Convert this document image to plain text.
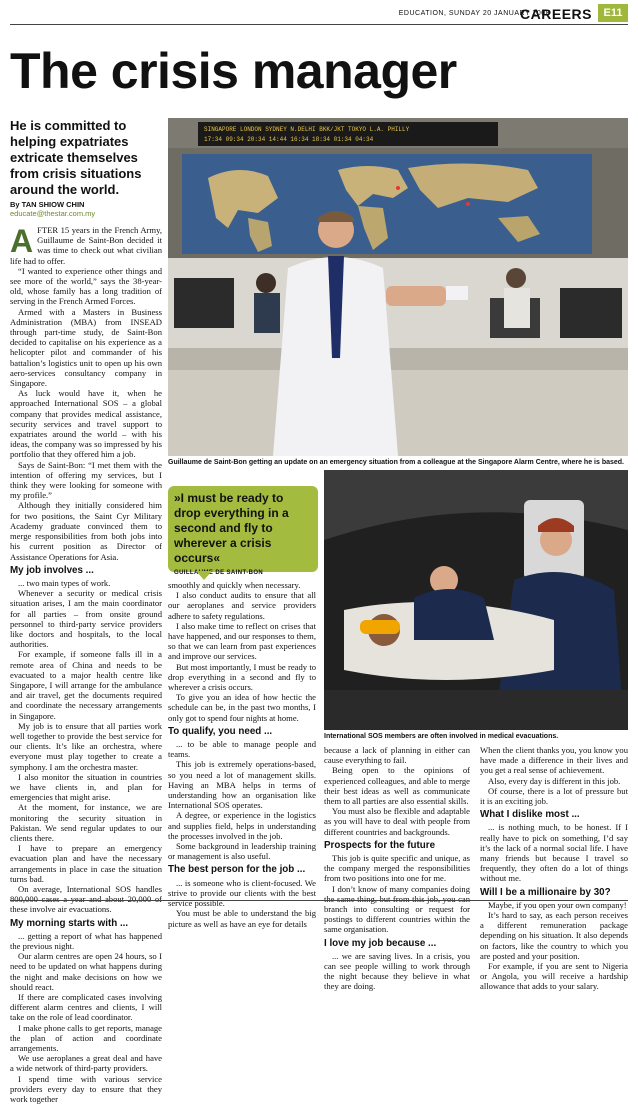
EDUCATION, SUNDAY 20 JANUARY 2008
CAREERS	E11
The crisis manager
He is committed to helping expatriates extricate themselves from crisis situations around the world.
By TAN SHIOW CHIN
educate@thestar.com.my
SINGAPORE LONDON SYDNEY N.DELHI BKK/JKT TOKYO L.A. PHILLY
17:34 09:34 20:34 14:44 16:34 18:34 01:34 04:34
Guillaume de Saint-Bon getting an update on an emergency situation from a colleague at the Singapore Alarm Centre, where he is based.
»I must be ready to drop everything in a second and fly to wherever a crisis occurs«
GUILLAUME DE SAINT-BON
International SOS members are often involved in medical evacuations.

AFTER 15 years in the French Army, Guillaume de Saint-Bon decided it was time to check out what civilian life had to offer.

“I wanted to experience other things and see more of the world,” says the 38-year-old, whose family has a long tradition of serving in the French Armed Forces.

Armed with a Masters in Business Administration (MBA) from INSEAD through part-time study, de Saint-Bon decided to capitalise on his experience as a helicopter pilot and commander of his battalion’s logistics unit to open up his own aero-services consultancy company in Singapore.

As luck would have it, when he approached International SOS – a global company that provides medical assistance, security services and travel support to expatriates around the world – with his ideas, the company was so impressed by his portfolio that they offered him a job.

Says de Saint-Bon: “I met them with the intention of offering my services, but I think they were looking for someone with my profile.”

Although they initially considered him for two positions, the Saint Cyr Military Academy graduate convinced them to merge responsibilities from both jobs into his current position as Director of Assistance Operations for Asia.

My job involves ...

... two main types of work.

Whenever a security or medical crisis situation arises, I am the main coordinator for all parties – from onsite ground personnel to third-party service providers like doctors and hospitals, to the local authorities.

For example, if someone falls ill in a remote area of China and needs to be evacuated to a major health centre like Singapore, I will arrange for the ambulance and air travel, get the documents required and coordinate the necessary arrangements in Singapore.

My job is to ensure that all parties work well together to provide the best service for our clients. It’s like an orchestra, where everyone must play together to create a symphony. I am the orchestra master.

I also monitor the situation in countries we have clients in, and plan for emergencies that might arise.

At the moment, for instance, we are monitoring the security situation in Pakistan. We send regular updates to our clients there.

I have to prepare an emergency evacuation plan and have the necessary arrangements in place in case the situation turns bad.

On average, International SOS handles 800,000 cases a year and about 20,000 of these involve air evacuations.

My morning starts with ...

... getting a report of what has happened the previous night.

Our alarm centres are open 24 hours, so I need to be updated on what happens during the night and make decisions on how we should react.

If there are complicated cases involving different alarm centres and clients, I will take on the role of lead coordinator.

I make phone calls to get reports, manage the plan of action and coordinate arrangements.

We use aeroplanes a great deal and have a wide network of third-party providers.

I spend time with various service providers every day to ensure that they work together

smoothly and quickly when necessary.

I also conduct audits to ensure that all our aeroplanes and service providers adhere to safety regulations.

I also make time to reflect on crises that have happened, and our responses to them, so that we can learn from past experiences and improve our services.

But most importantly, I must be ready to drop everything in a second and fly to wherever a crisis occurs.

To give you an idea of how hectic the schedule can be, in the past two months, I only got to spend four nights at home.

To qualify, you need ...

... to be able to manage people and teams.

This job is extremely operations-based, so you need a lot of management skills. Having an MBA helps in terms of understanding how an organisation like International SOS operates.

A degree, or experience in the logistics and supplies field, helps in understanding the processes involved in the job.

Some background in leadership training or management is also useful.

The best person for the job ...

... is someone who is client-focused. We strive to provide our clients with the best service possible.

You must be able to understand the big picture as well as have an eye for details

because a lack of planning in either can cause everything to fail.

Being open to the opinions of experienced colleagues, and able to merge their best ideas as well as communicate them to all parties are also essential skills.

You must also be flexible and adaptable as you will have to deal with people from different countries and backgrounds.

Prospects for the future

This job is quite specific and unique, as the company merged the responsibilities from two positions into one for me.

I don’t know of many companies doing the same thing, but from this job, you can branch into consulting or request for postings to different countries within the same organisation.

I love my job because ...

... we are saving lives. In a crisis, you can see people willing to work through the night because they believe in what they are doing.

When the client thanks you, you know you have made a difference in their lives and you get a real sense of achievement.

Also, every day is different in this job.

Of course, there is a lot of pressure but it is an exciting job.

What I dislike most ...

... is nothing much, to be honest. If I really have to pick on something, I’d say it’s the lack of a normal social life. I have many friends but because I travel so frequently, they often do a lot of things without me.

Will I be a millionaire by 30?

Maybe, if you open your own company!

It’s hard to say, as each person receives a different remuneration package depending on his situation. It also depends on factors, like the country to which you are posted and your position.

For example, if you are sent to Nigeria or Angola, you will receive a hardship allowance that adds to your salary.
